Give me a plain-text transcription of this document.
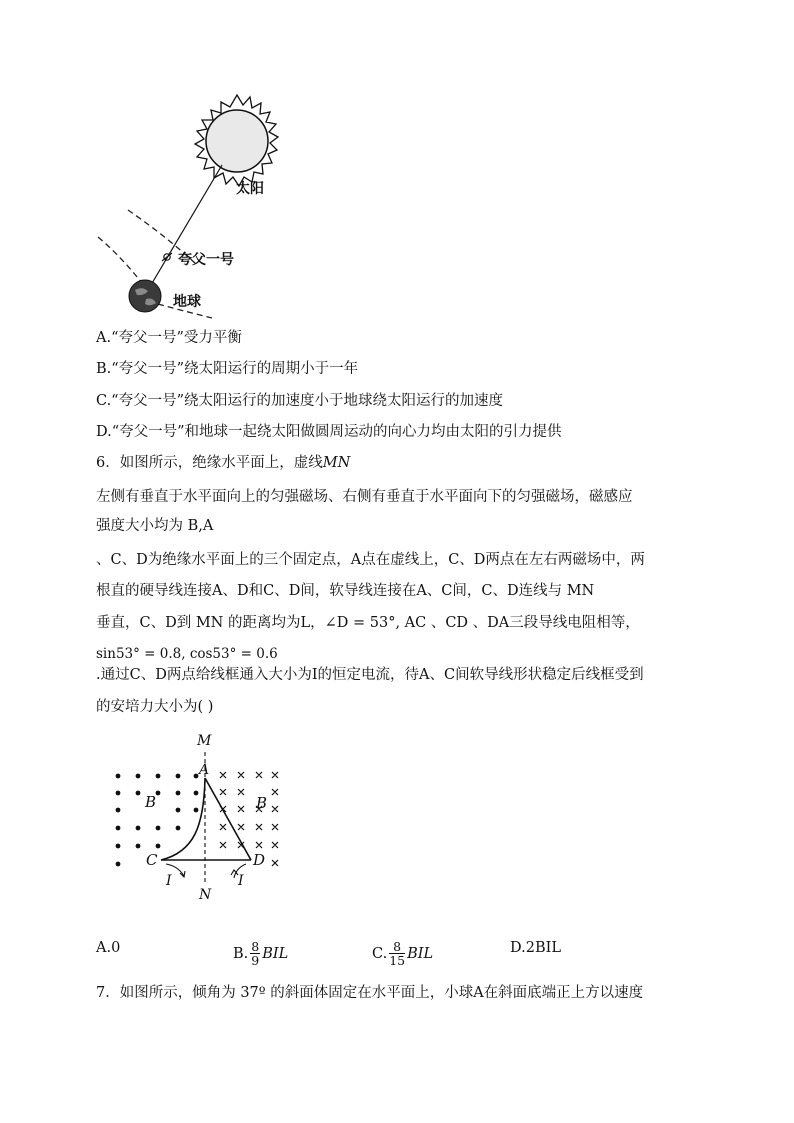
太阳
夸父一号
地球
A.“夸父一号”受力平衡
B.“夸父一号”绕太阳运行的周期小于一年
C.“夸父一号”绕太阳运行的加速度小于地球绕太阳运行的加速度
D.“夸父一号”和地球一起绕太阳做圆周运动的向心力均由太阳的引力提供
6．如图所示，绝缘水平面上，虚线MN
左侧有垂直于水平面向上的匀强磁场、右侧有垂直于水平面向下的匀强磁场，磁感应
强度大小均为 B,A
、C、D为绝缘水平面上的三个固定点，A点在虚线上，C、D两点在左右两磁场中，两
根直的硬导线连接A、D和C、D间，软导线连接在A、C间，C、D连线与 MN
垂直，C、D到 MN 的距离均为L，∠D = 53°, AC 、CD 、DA三段导线电阻相等，
sin53° = 0.8, cos53° = 0.6
.通过C、D两点给线框通入大小为I的恒定电流，待A、C间软导线形状稳定后线框受到
的安培力大小为( )
M
A
B	B
C	D
I	I
N
A.0	B. $\frac{8}{9}$ BIL	C. $\frac{8}{15}$ BIL	D.2BIL
7．如图所示，倾角为 37º 的斜面体固定在水平面上，小球A在斜面底端正上方以速度
